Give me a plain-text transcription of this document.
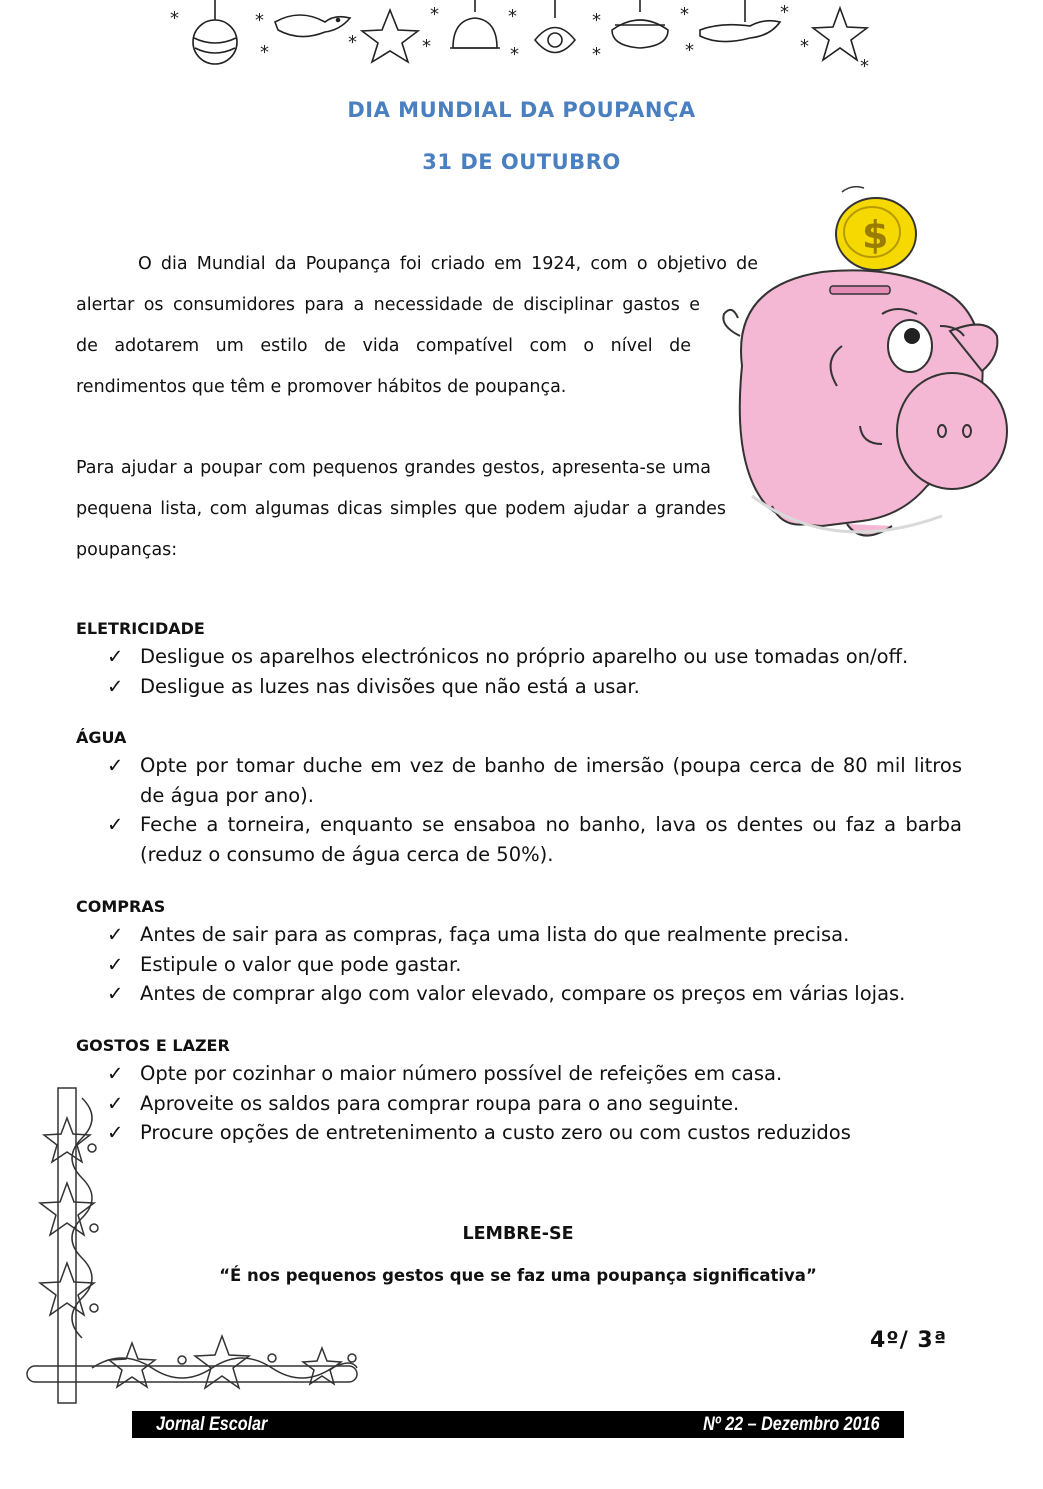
*	*
*	*
*
*
*
*
*
*
*
*
*
*
*
DIA MUNDIAL DA POUPANÇA
31 DE OUTUBRO
$

O dia Mundial da Poupança foi criado em 1924, com o objetivo de

alertar os consumidores para a necessidade de disciplinar gastos e

de adotarem um estilo de vida compatível com o nível de

rendimentos que têm e promover hábitos de poupança.

Para ajudar a poupar com pequenos grandes gestos, apresenta-se uma

pequena lista, com algumas dicas simples que podem ajudar a grandes

poupanças:

ELETRICIDADE
✓ Desligue os aparelhos electrónicos no próprio aparelho ou use tomadas on/off.
✓ Desligue as luzes nas divisões que não está a usar.
ÁGUA
✓ Opte por tomar duche em vez de banho de imersão (poupa cerca de 80 mil litros de água por ano).
✓ Feche a torneira, enquanto se ensaboa no banho, lava os dentes ou faz a barba (reduz o consumo de água cerca de 50%).
COMPRAS
✓ Antes de sair para as compras, faça uma lista do que realmente precisa.
✓ Estipule o valor que pode gastar.
✓ Antes de comprar algo com valor elevado, compare os preços em várias lojas.
GOSTOS E LAZER
✓ Opte por cozinhar o maior número possível de refeições em casa.
✓ Aproveite os saldos para comprar roupa para o ano seguinte.
✓ Procure opções de entretenimento a custo zero ou com custos reduzidos
LEMBRE-SE
“É nos pequenos gestos que se faz uma poupança significativa”
4º/ 3ª
Jornal Escolar	Nº 22 – Dezembro 2016
